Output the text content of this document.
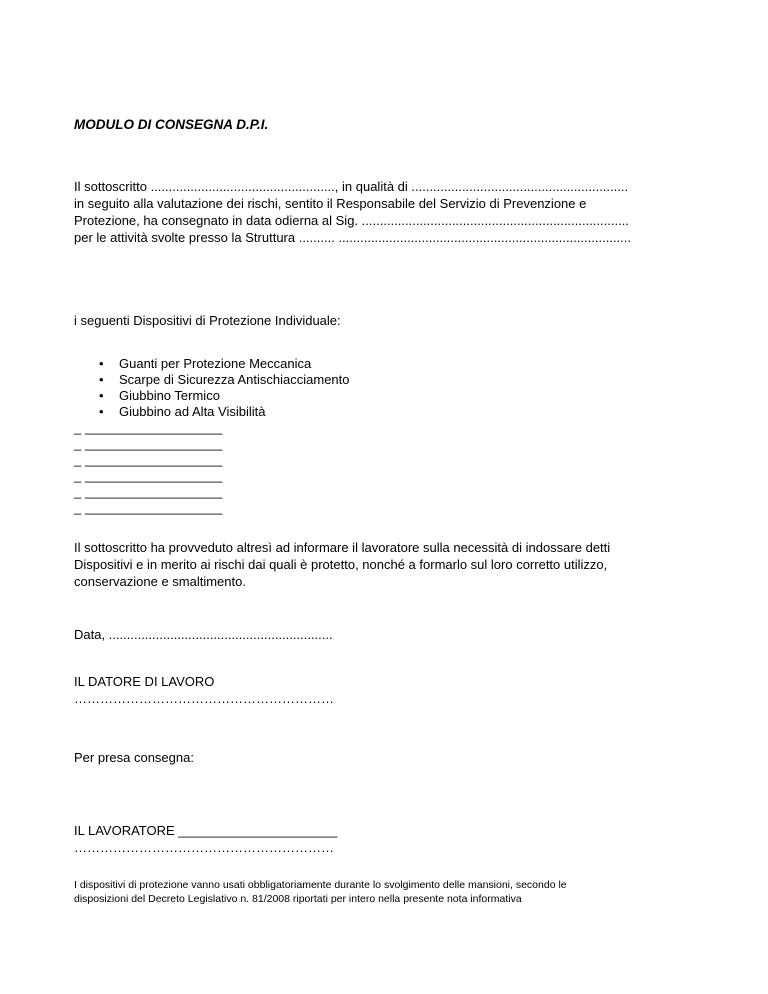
MODULO DI CONSEGNA D.P.I.
Il sottoscritto ..................................................., in qualità di ............................................................
in seguito alla valutazione dei rischi, sentito il Responsabile del Servizio di Prevenzione e
Protezione, ha consegnato in data odierna al Sig. ..........................................................................
per le attività svolte presso la Struttura .......... .................................................................................
i seguenti Dispositivi di Protezione Individuale:
• Guanti per Protezione Meccanica
• Scarpe di Sicurezza Antischiacciamento
• Giubbino Termico
• Giubbino ad Alta Visibilità
_ ___________________
_ ___________________
_ ___________________
_ ___________________
_ ___________________
_ ___________________
Il sottoscritto ha provveduto altresì ad informare il lavoratore sulla necessità di indossare detti
Dispositivi e in merito ai rischi dai quali è protetto, nonché a formarlo sul loro corretto utilizzo,
conservazione e smaltimento.
Data, ..............................................................
IL DATORE DI LAVORO
……………………………………………………
Per presa consegna:
IL LAVORATORE ______________________
……………………………………………………
I dispositivi di protezione vanno usati obbligatoriamente durante lo svolgimento delle mansioni, secondo le
disposizioni del Decreto Legislativo n. 81/2008 riportati per intero nella presente nota informativa
